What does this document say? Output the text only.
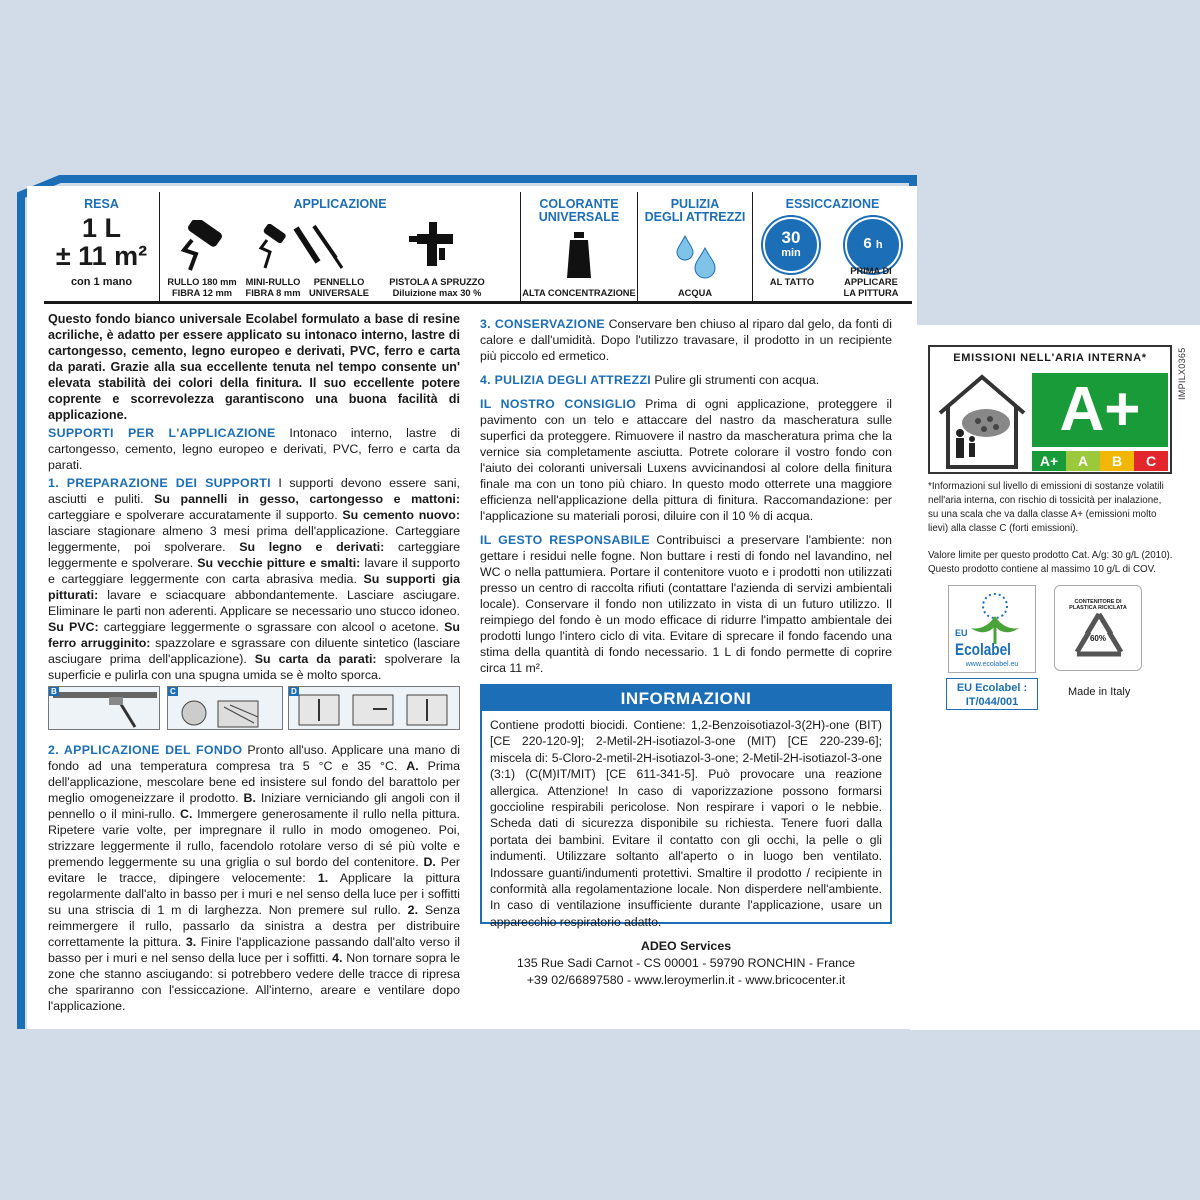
RESA
1 L
± 11 m²
con 1 mano
APPLICAZIONE
RULLO 180 mm
FIBRA 12 mm
MINI-RULLO
FIBRA 8 mm
PENNELLO
UNIVERSALE
PISTOLA A SPRUZZO
Diluizione max 30 %
COLORANTE
UNIVERSALE
ALTA CONCENTRAZIONE
PULIZIA
DEGLI ATTREZZI
ACQUA
ESSICCAZIONE
30
min
6 h
AL TATTO
PRIMA DI APPLICARE
LA PITTURA

Questo fondo bianco universale Ecolabel formulato a base di resine acriliche, è adatto per essere applicato su intonaco interno, lastre di cartongesso, cemento, legno europeo e derivati, PVC, ferro e carta da parati. Grazie alla sua eccellente tenuta nel tempo consente un' elevata stabilità dei colori della finitura. Il suo eccellente potere coprente e scorrevolezza garantiscono una buona facilità di applicazione.

SUPPORTI PER L'APPLICAZIONE Intonaco interno, lastre di cartongesso, cemento, legno europeo e derivati, PVC, ferro e carta da parati.

1. PREPARAZIONE DEI SUPPORTI I supporti devono essere sani, asciutti e puliti. Su pannelli in gesso, cartongesso e mattoni: carteggiare e spolverare accuratamente il supporto. Su cemento nuovo: lasciare stagionare almeno 3 mesi prima dell'applicazione. Carteggiare leggermente, poi spolverare. Su legno e derivati: carteggiare leggermente e spolverare. Su vecchie pitture e smalti: lavare il supporto e carteggiare leggermente con carta abrasiva media. Su supporti gia pitturati: lavare e sciacquare abbondantemente. Lasciare asciugare. Eliminare le parti non aderenti. Applicare se necessario uno stucco idoneo. Su PVC: carteggiare leggermente o sgrassare con alcool o acetone. Su ferro arrugginito: spazzolare e sgrassare con diluente sintetico (lasciare asciugare prima dell'applicazione). Su carta da parati: spolverare la superficie e pulirla con una spugna umida se è molto sporca.

B	C	D

2. APPLICAZIONE DEL FONDO Pronto all'uso. Applicare una mano di fondo ad una temperatura compresa tra 5 °C e 35 °C. A. Prima dell'applicazione, mescolare bene ed insistere sul fondo del barattolo per meglio omogeneizzare il prodotto. B. Iniziare verniciando gli angoli con il pennello o il mini-rullo. C. Immergere generosamente il rullo nella pittura. Ripetere varie volte, per impregnare il rullo in modo omogeneo. Poi, strizzare leggermente il rullo, facendolo rotolare verso di sé più volte e premendo leggermente su una griglia o sul bordo del contenitore. D. Per evitare le tracce, dipingere velocemente: 1. Applicare la pittura regolarmente dall'alto in basso per i muri e nel senso della luce per i soffitti su una striscia di 1 m di larghezza. Non premere sul rullo. 2. Senza reimmergere il rullo, passarlo da sinistra a destra per distribuire correttamente la pittura. 3. Finire l'applicazione passando dall'alto verso il basso per i muri e nel senso della luce per i soffitti. 4. Non tornare sopra le zone che stanno asciugando: si potrebbero vedere delle tracce di ripresa che spariranno con l'essiccazione. All'interno, areare e ventilare dopo l'applicazione.

3. CONSERVAZIONE Conservare ben chiuso al riparo dal gelo, da fonti di calore e dall'umidità. Dopo l'utilizzo travasare, il prodotto in un recipiente più piccolo ed ermetico.

4. PULIZIA DEGLI ATTREZZI Pulire gli strumenti con acqua.

IL NOSTRO CONSIGLIO Prima di ogni applicazione, proteggere il pavimento con un telo e attaccare del nastro da mascheratura sulle superfici da proteggere. Rimuovere il nastro da mascheratura prima che la vernice sia completamente asciutta. Potrete colorare il vostro fondo con l'aiuto dei coloranti universali Luxens avvicinandosi al colore della finitura finale ma con un tono più chiaro. In questo modo otterrete una maggiore efficienza nell'applicazione della pittura di finitura. Raccomandazione: per l'applicazione su materiali porosi, diluire con il 10 % di acqua.

IL GESTO RESPONSABILE Contribuisci a preservare l'ambiente: non gettare i residui nelle fogne. Non buttare i resti di fondo nel lavandino, nel WC o nella pattumiera. Portare il contenitore vuoto e i prodotti non utilizzati presso un centro di raccolta rifiuti (contattare l'azienda di servizi ambientali locale). Conservare il fondo non utilizzato in vista di un futuro utilizzo. Il reimpiego del fondo è un modo efficace di ridurre l'impatto ambientale dei prodotti lungo l'intero ciclo di vita. Evitare di sprecare il fondo facendo una stima della quantità di fondo necessario. 1 L di fondo permette di coprire circa 11 m².

INFORMAZIONI
Contiene prodotti biocidi. Contiene: 1,2-Benzoisotiazol-3(2H)-one (BIT) [CE 220-120-9]; 2-Metil-2H-isotiazol-3-one (MIT) [CE 220-239-6]; miscela di: 5-Cloro-2-metil-2H-isotiazol-3-one; 2-Metil-2H-isotiazol-3-one (3:1) (C(M)IT/MIT) [CE 611-341-5]. Può provocare una reazione allergica. Attenzione! In caso di vaporizzazione possono formarsi goccioline respirabili pericolose. Non respirare i vapori o le nebbie. Scheda dati di sicurezza disponibile su richiesta. Tenere fuori dalla portata dei bambini. Evitare il contatto con gli occhi, la pelle o gli indumenti. Utilizzare soltanto all'aperto o in luogo ben ventilato. Indossare guanti/indumenti protettivi. Smaltire il prodotto / recipiente in conformità alla regolamentazione locale. Non disperdere nell'ambiente. In caso di ventilazione insufficiente durante l'applicazione, usare un apparecchio respiratorio adatto.
ADEO Services
135 Rue Sadi Carnot - CS 00001 - 59790 RONCHIN - France
+39 02/66897580 - www.leroymerlin.it - www.bricocenter.it
IMPILX0365
EMISSIONI NELL'ARIA INTERNA*
A+
A+	A	B	C
*Informazioni sul livello di emissioni di sostanze volatili nell'aria interna, con rischio di tossicità per inalazione, su una scala che va dalla classe A+ (emissioni molto lievi) alla classe C (forti emissioni).
Valore limite per questo prodotto Cat. A/g: 30 g/L (2010).
Questo prodotto contiene al massimo 10 g/L di COV.
EU
Ecolabel
www.ecolabel.eu
EU Ecolabel :
IT/044/001
CONTENITORE DI PLASTICA RICICLATA
60%
Made in Italy
